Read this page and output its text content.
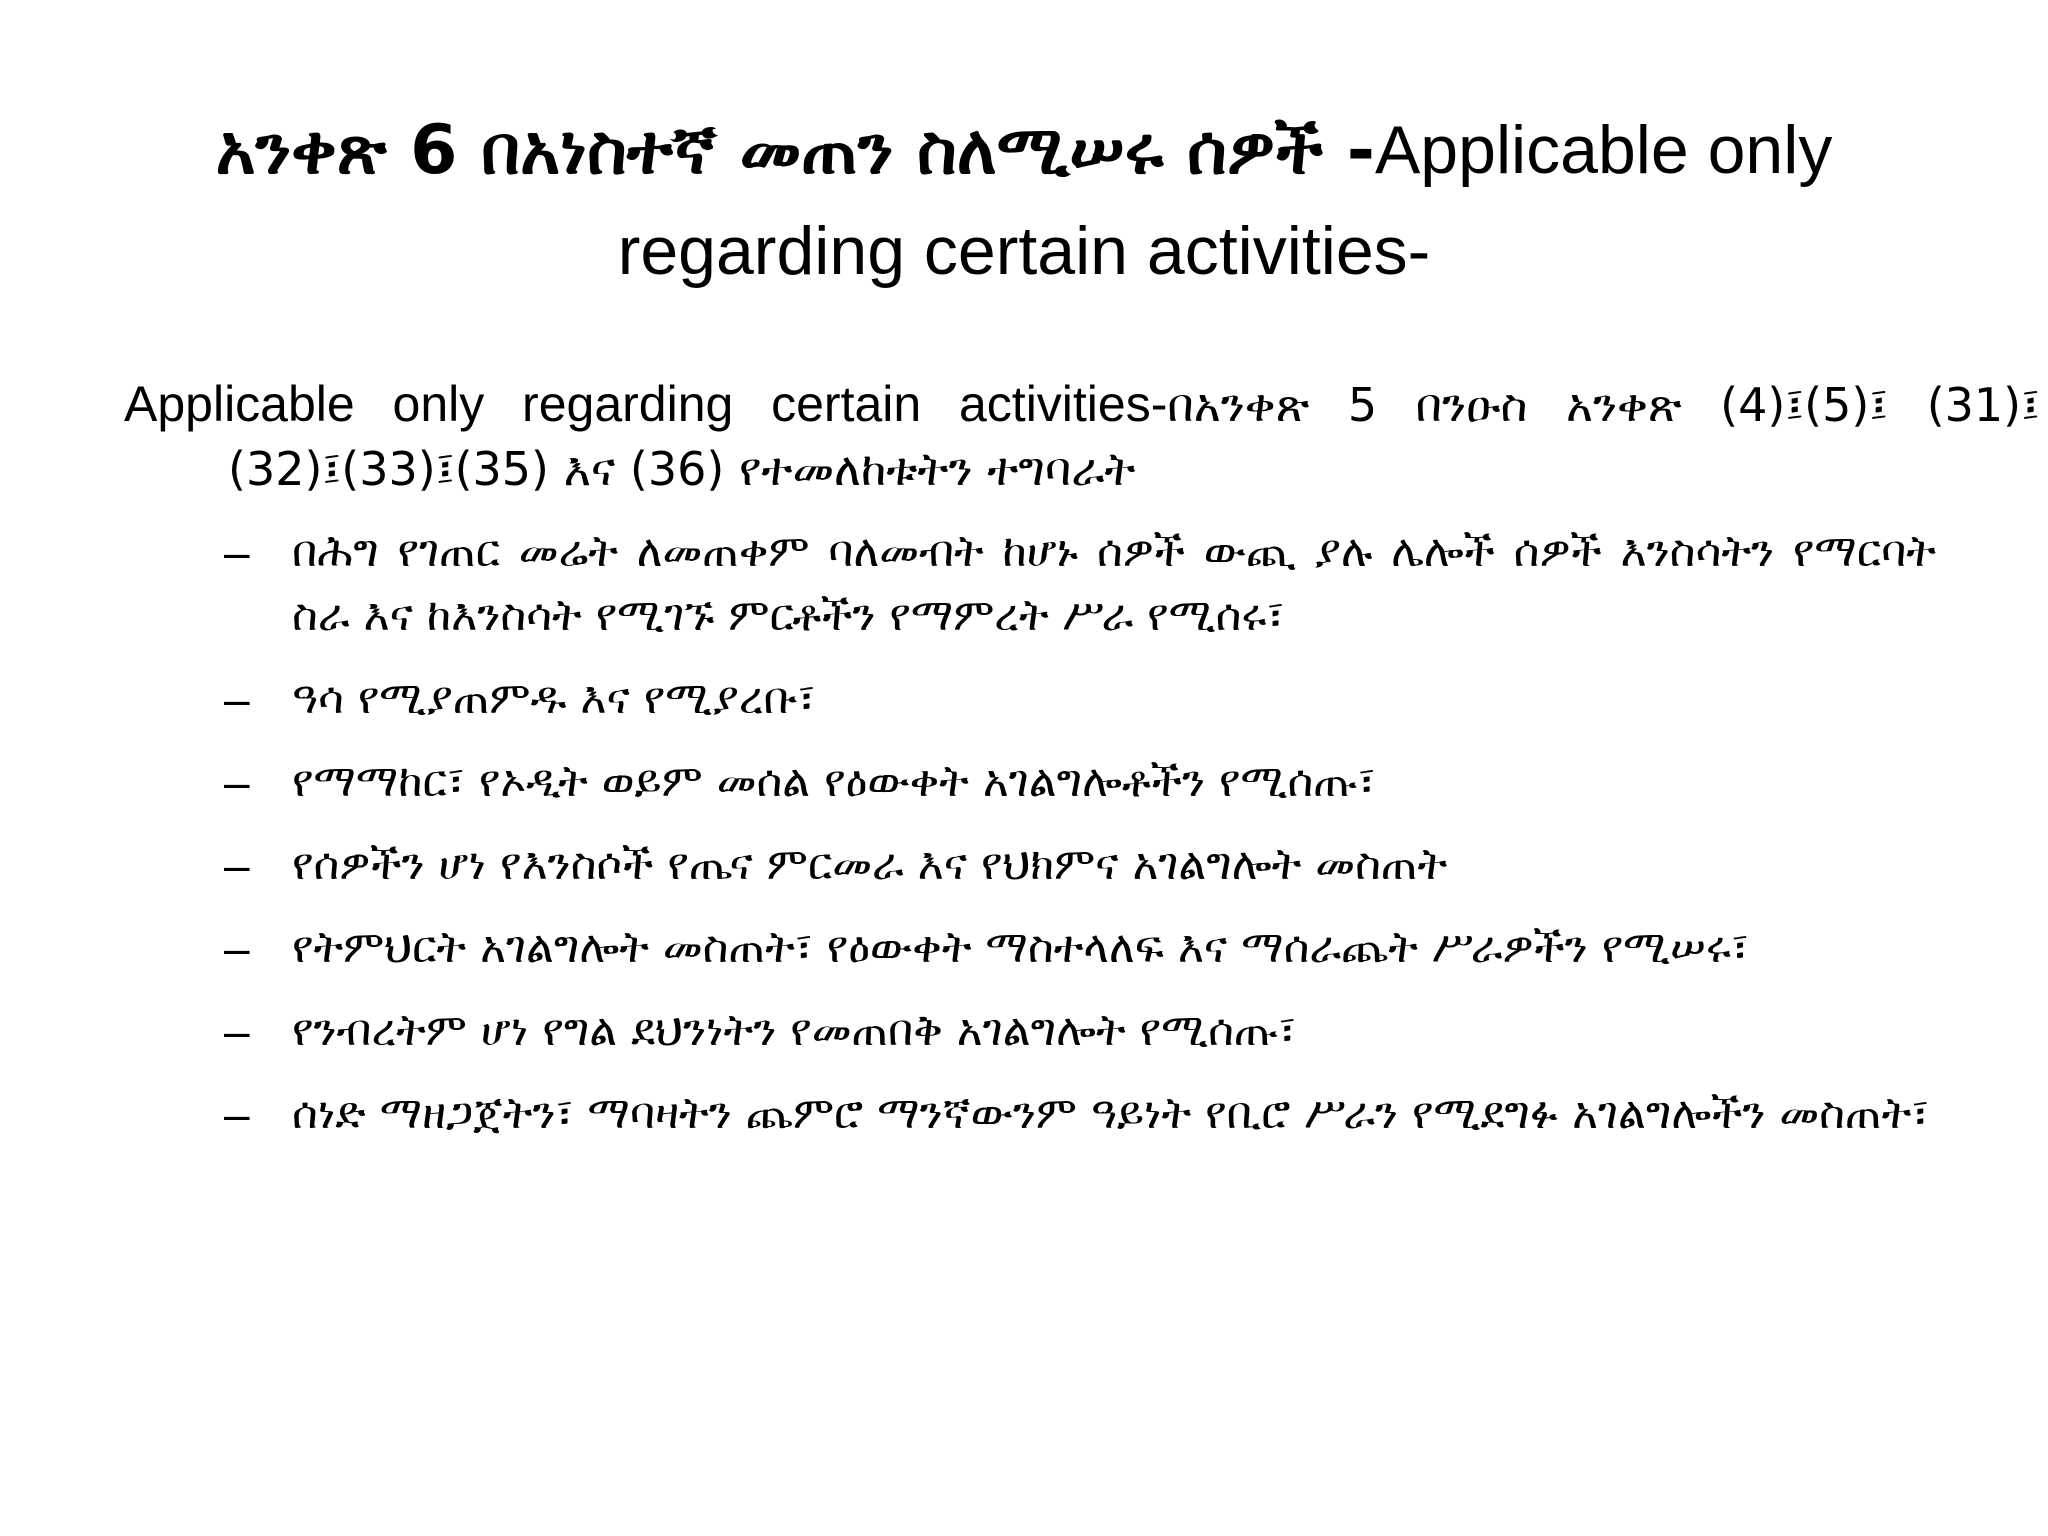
አንቀጽ 6 በአነስተኛ መጠን ስለሚሠሩ ሰዎች -Applicable only
regarding certain activities-
Applicable only regarding certain activities-በአንቀጽ 5 በንዑስ አንቀጽ (4)፤(5)፤ (31)፤ (32)፤(33)፤(35) እና (36) የተመለከቱትን ተግባራት
– በሕግ የገጠር መሬት ለመጠቀም ባለመብት ከሆኑ ሰዎች ውጪ ያሉ ሌሎች ሰዎች እንስሳትን የማርባት ስራ እና ከእንስሳት የሚገኙ ምርቶችን የማምረት ሥራ የሚሰሩ፣
– ዓሳ የሚያጠምዱ እና የሚያረቡ፣
– የማማከር፣ የኦዲት ወይም መሰል የዕውቀት አገልግሎቶችን የሚሰጡ፣
– የሰዎችን ሆነ የእንስሶች የጤና ምርመራ እና የህክምና አገልግሎት መስጠት
– የትምህርት አገልግሎት መስጠት፣ የዕውቀት ማስተላለፍ እና ማሰራጨት ሥራዎችን የሚሠሩ፣
– የንብረትም ሆነ የግል ደህንነትን የመጠበቅ አገልግሎት የሚሰጡ፣
– ሰነድ ማዘጋጀትን፣ ማባዛትን ጨምሮ ማንኛውንም ዓይነት የቢሮ ሥራን የሚደግፉ አገልግሎችን መስጠት፣
